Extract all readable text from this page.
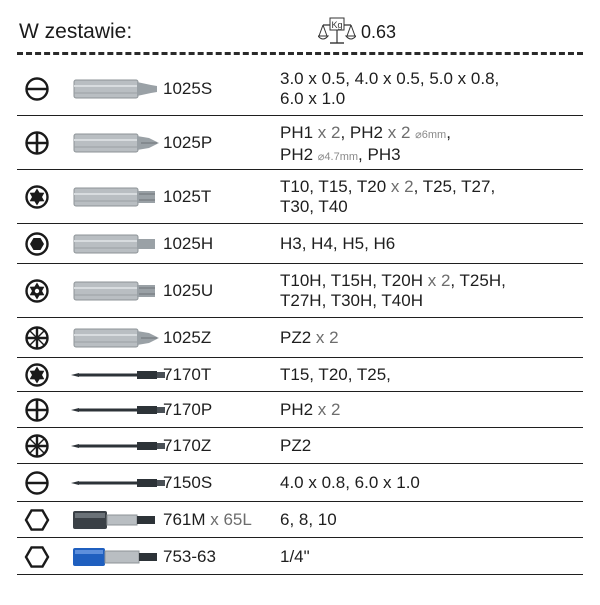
W zestawie:	Kg 0.63
1025S
3.0 x 0.5, 4.0 x 0.5, 5.0 x 0.8,
6.0 x 1.0
1025P
PH1 x 2, PH2 x 2 ⌀6mm,
PH2 ⌀4.7mm, PH3
1025T
T10, T15, T20 x 2, T25, T27,
T30, T40
1025H	H3, H4, H5, H6
1025U
T10H, T15H, T20H x 2, T25H,
T27H, T30H, T40H
1025Z	PZ2 x 2
7170T	T15, T20, T25,
7170P	PH2 x 2
7170Z	PZ2
7150S	4.0 x 0.8, 6.0 x 1.0
761M x 65L 6, 8, 10
753-63	1/4"
